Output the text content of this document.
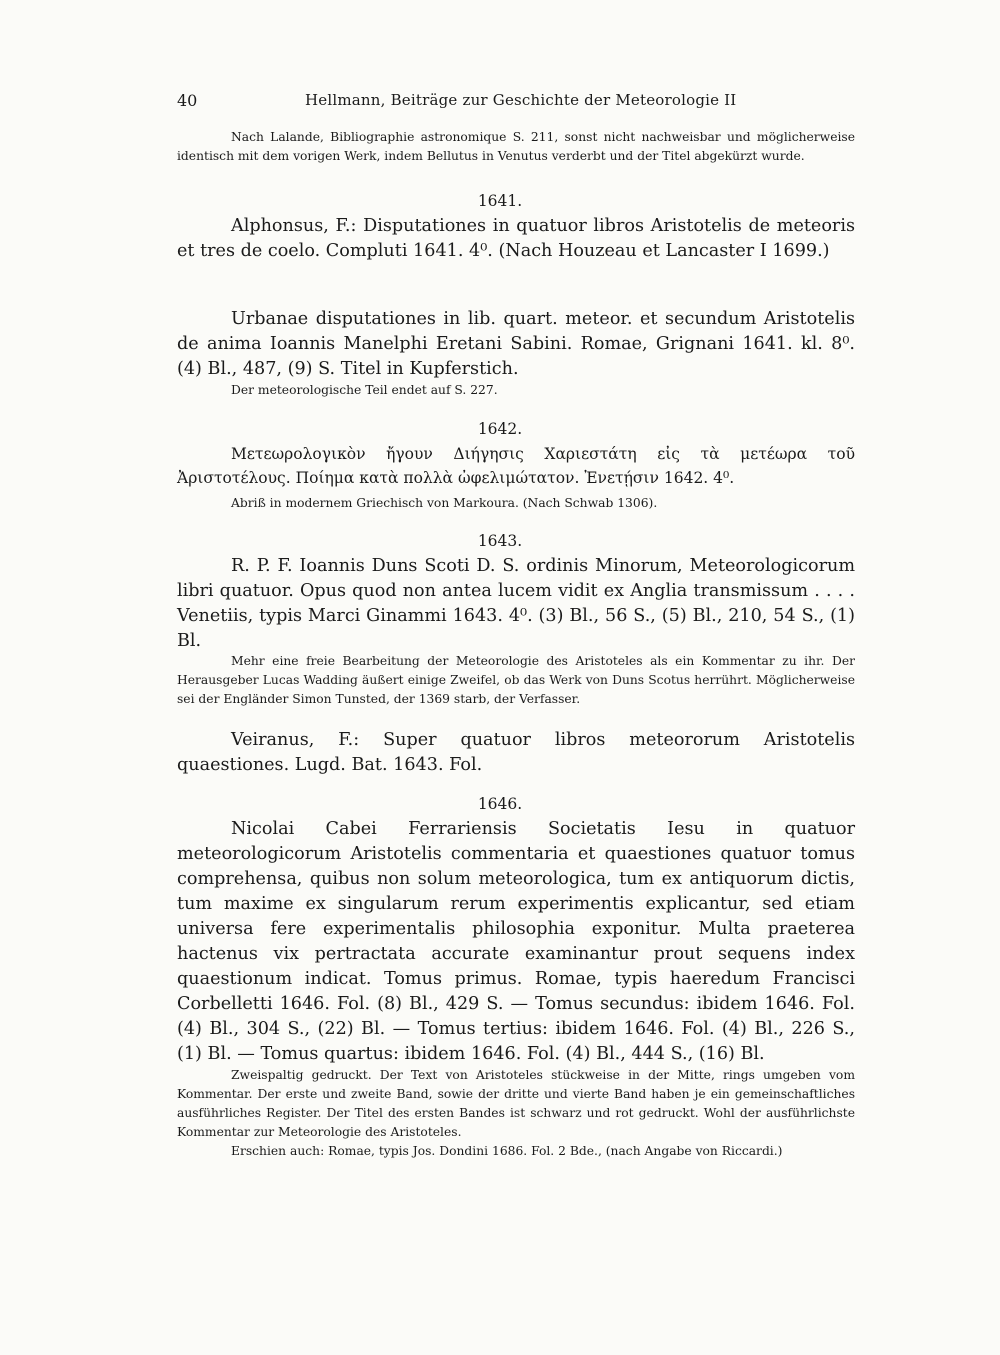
40	Hellmann, Beiträge zur Geschichte der Meteorologie II

Nach Lalande, Bibliographie astronomique S. 211, sonst nicht nachweisbar und möglicherweise identisch mit dem vorigen Werk, indem Bellutus in Venutus verderbt und der Titel abgekürzt wurde.

1641.

Alphonsus, F.: Disputationes in quatuor libros Aristotelis de meteoris et tres de coelo. Compluti 1641. 4⁰. (Nach Houzeau et Lancaster I 1699.)

Urbanae disputationes in lib. quart. meteor. et secundum Aristotelis de anima Ioannis Manelphi Eretani Sabini. Romae, Grignani 1641. kl. 8⁰. (4) Bl., 487, (9) S. Titel in Kupferstich.

Der meteorologische Teil endet auf S. 227.

1642.

Μετεωρολογικὸν ἤγουν Διήγησις Χαριεστάτη εἰς τὰ μετέωρα τοῦ Ἀριστοτέλους. Ποίημα κατὰ πολλὰ ὠφελιμώτατον. Ἐνετῄσιν 1642. 4⁰.

Abriß in modernem Griechisch von Markoura. (Nach Schwab 1306).

1643.

R. P. F. Ioannis Duns Scoti D. S. ordinis Minorum, Meteorologicorum libri quatuor. Opus quod non antea lucem vidit ex Anglia transmissum . . . . Venetiis, typis Marci Ginammi 1643. 4⁰. (3) Bl., 56 S., (5) Bl., 210, 54 S., (1) Bl.

Mehr eine freie Bearbeitung der Meteorologie des Aristoteles als ein Kommentar zu ihr. Der Herausgeber Lucas Wadding äußert einige Zweifel, ob das Werk von Duns Scotus herrührt. Möglicherweise sei der Engländer Simon Tunsted, der 1369 starb, der Verfasser.

Veiranus, F.: Super quatuor libros meteororum Aristotelis quaestiones. Lugd. Bat. 1643. Fol.

1646.

Nicolai Cabei Ferrariensis Societatis Iesu in quatuor meteorologicorum Aristotelis commentaria et quaestiones quatuor tomus comprehensa, quibus non solum meteorologica, tum ex antiquorum dictis, tum maxime ex singularum rerum experimentis explicantur, sed etiam universa fere experimentalis philosophia exponitur. Multa praeterea hactenus vix pertractata accurate examinantur prout sequens index quaestionum indicat. Tomus primus. Romae, typis haeredum Francisci Corbelletti 1646. Fol. (8) Bl., 429 S. — Tomus secundus: ibidem 1646. Fol. (4) Bl., 304 S., (22) Bl. — Tomus tertius: ibidem 1646. Fol. (4) Bl., 226 S., (1) Bl. — Tomus quartus: ibidem 1646. Fol. (4) Bl., 444 S., (16) Bl.

Zweispaltig gedruckt. Der Text von Aristoteles stückweise in der Mitte, rings umgeben vom Kommentar. Der erste und zweite Band, sowie der dritte und vierte Band haben je ein gemeinschaftliches ausführliches Register. Der Titel des ersten Bandes ist schwarz und rot gedruckt. Wohl der ausführlichste Kommentar zur Meteorologie des Aristoteles.

Erschien auch: Romae, typis Jos. Dondini 1686. Fol. 2 Bde., (nach Angabe von Riccardi.)
